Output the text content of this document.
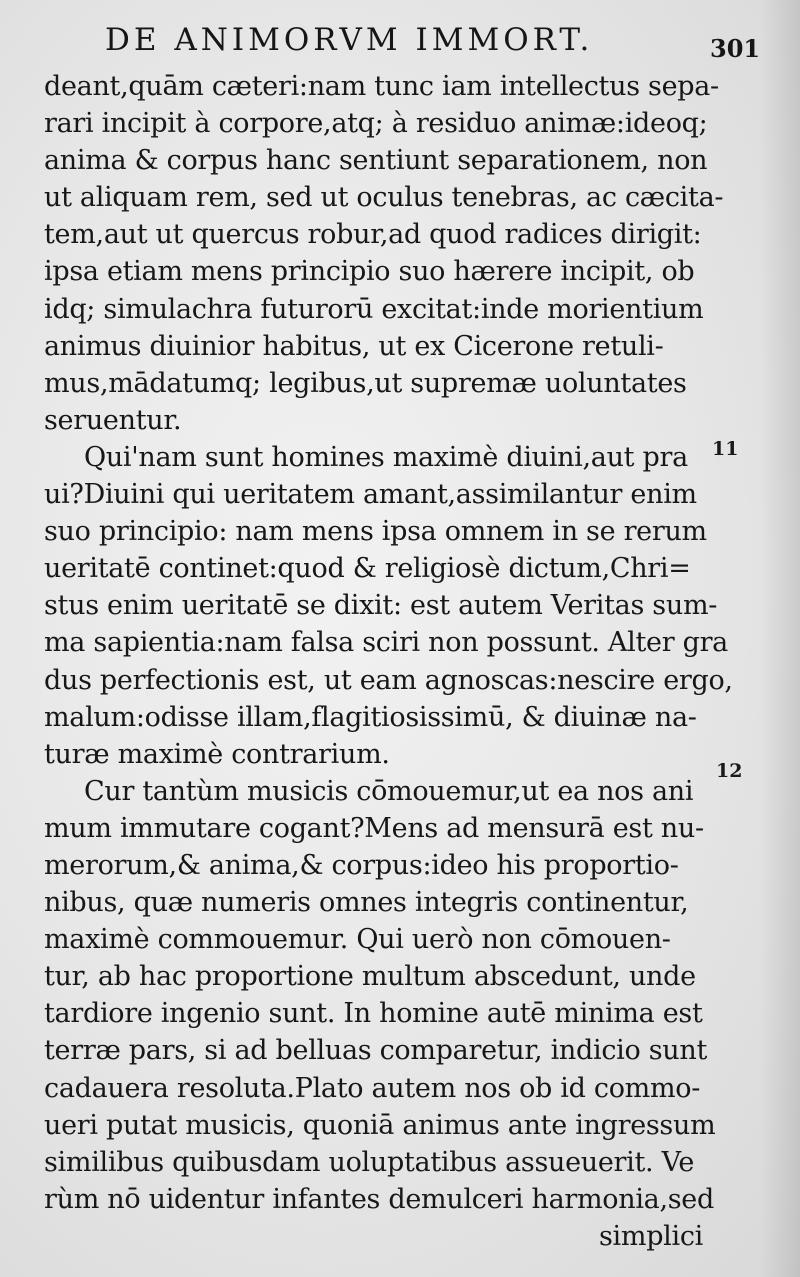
DE ANIMORVM IMMORT.	301
11
12
deant,quām cæteri:nam tunc iam intellectus sepa-
rari incipit à corpore,atq; à residuo animæ:ideoq;
anima & corpus hanc sentiunt separationem, non
ut aliquam rem, sed ut oculus tenebras, ac cæcita-
tem,aut ut quercus robur,ad quod radices dirigit:
ipsa etiam mens principio suo hærere incipit, ob
idq; simulachra futurorū excitat:inde morientium
animus diuinior habitus, ut ex Cicerone retuli-
mus,mādatumq; legibus,ut supremæ uoluntates
seruentur.
Qui'nam sunt homines maximè diuini,aut pra
ui?Diuini qui ueritatem amant,assimilantur enim
suo principio: nam mens ipsa omnem in se rerum
ueritatē continet:quod & religiosè dictum,Chri=
stus enim ueritatē se dixit: est autem Veritas sum-
ma sapientia:nam falsa sciri non possunt. Alter gra
dus perfectionis est, ut eam agnoscas:nescire ergo,
malum:odisse illam,flagitiosissimū, & diuinæ na-
turæ maximè contrarium.
Cur tantùm musicis cōmouemur,ut ea nos ani
mum immutare cogant?Mens ad mensurā est nu-
merorum,& anima,& corpus:ideo his proportio-
nibus, quæ numeris omnes integris continentur,
maximè commouemur. Qui uerò non cōmouen-
tur, ab hac proportione multum abscedunt, unde
tardiore ingenio sunt. In homine autē minima est
terræ pars, si ad belluas comparetur, indicio sunt
cadauera resoluta.Plato autem nos ob id commo-
ueri putat musicis, quoniā animus ante ingressum
similibus quibusdam uoluptatibus assueuerit. Ve
rùm nō uidentur infantes demulceri harmonia,sed
simplici
